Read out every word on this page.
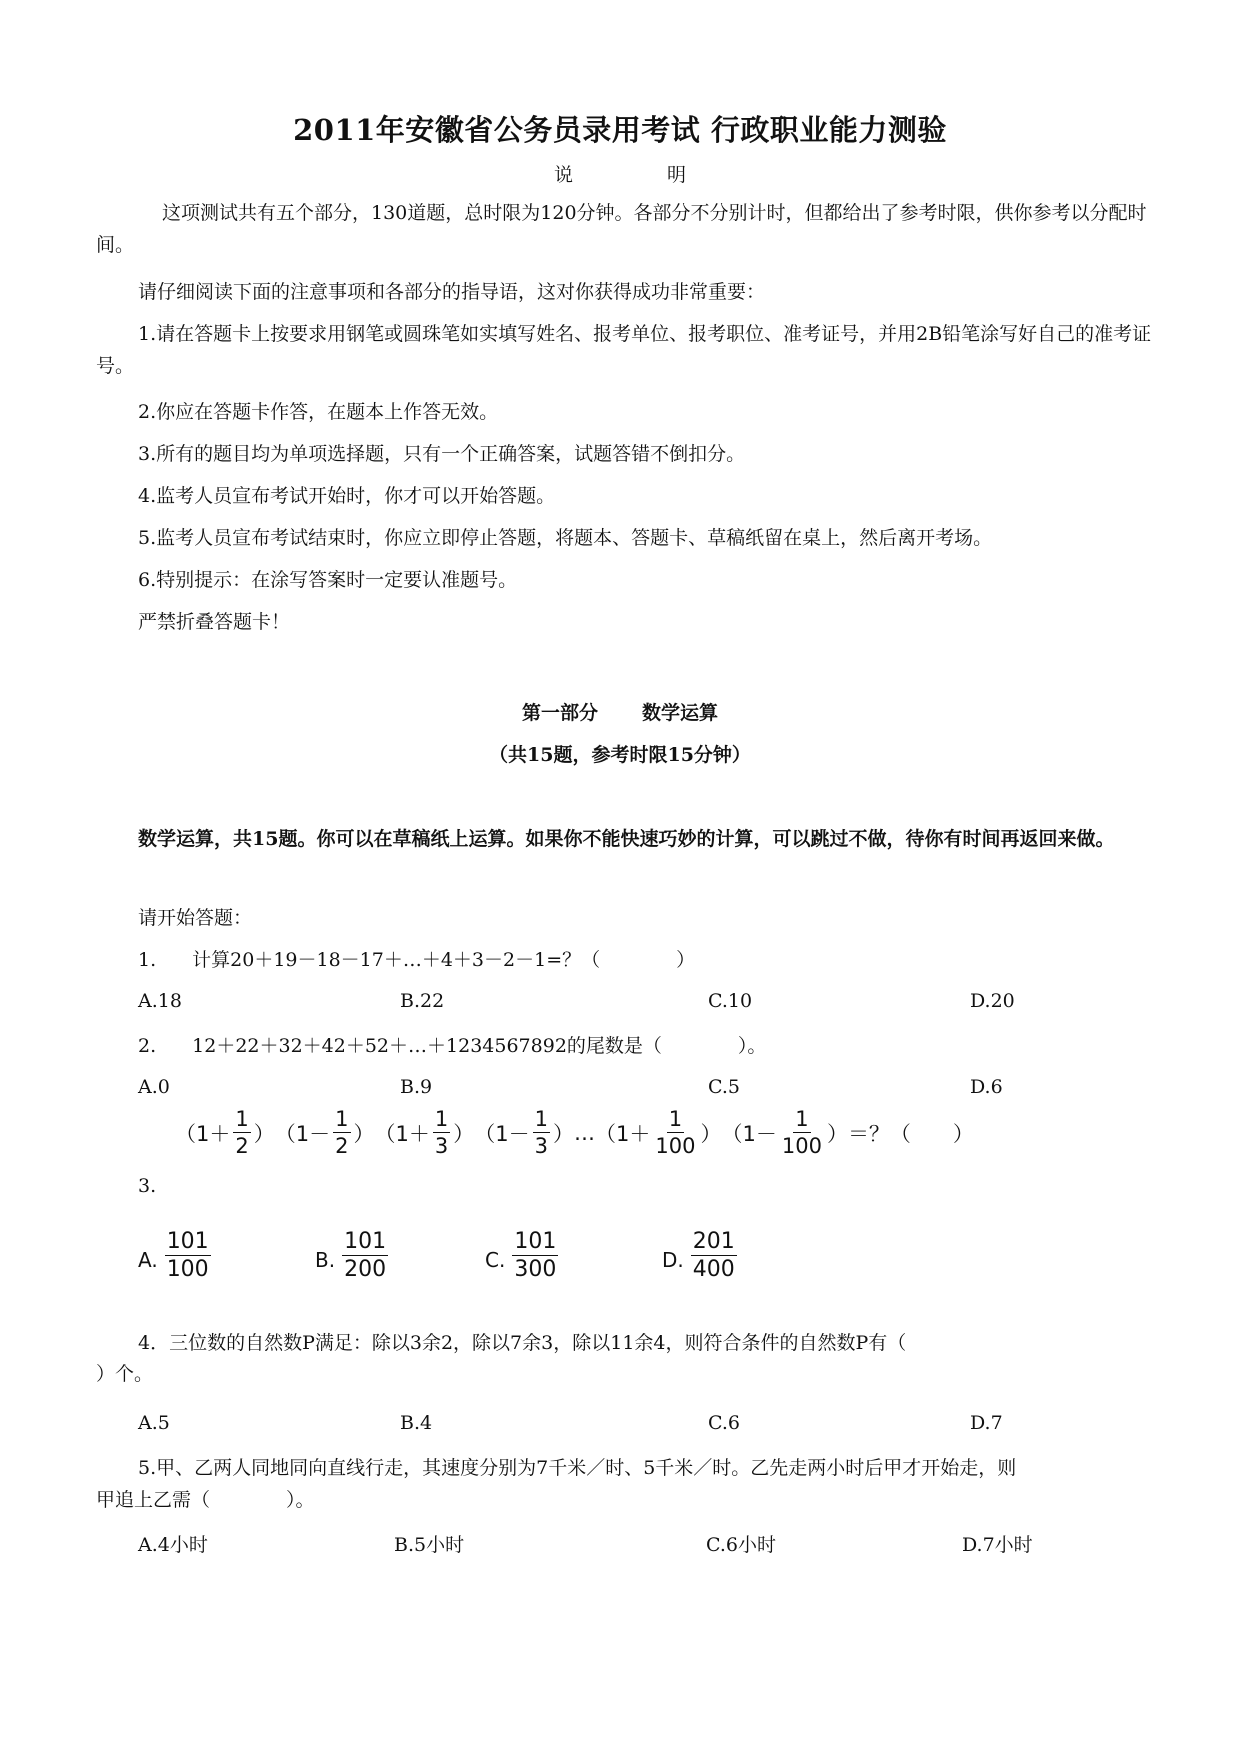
2011年安徽省公务员录用考试 行政职业能力测验
说	明
这项测试共有五个部分，130道题，总时限为120分钟。各部分不分别计时，但都给出了参考时限，供你参考以分配时间。
请仔细阅读下面的注意事项和各部分的指导语，这对你获得成功非常重要：
1.请在答题卡上按要求用钢笔或圆珠笔如实填写姓名、报考单位、报考职位、准考证号，并用2B铅笔涂写好自己的准考证号。
2.你应在答题卡作答，在题本上作答无效。
3.所有的题目均为单项选择题，只有一个正确答案，试题答错不倒扣分。
4.监考人员宣布考试开始时，你才可以开始答题。
5.监考人员宣布考试结束时，你应立即停止答题，将题本、答题卡、草稿纸留在桌上，然后离开考场。
6.特别提示：在涂写答案时一定要认准题号。
严禁折叠答题卡！
第一部分 数学运算
（共15题，参考时限15分钟）
数学运算，共15题。你可以在草稿纸上运算。如果你不能快速巧妙的计算，可以跳过不做，待你有时间再返回来做。
请开始答题：
1. 计算20＋19－18－17＋…＋4＋3－2－1=？（　　　　）
A.18	B.22	C.10	D.20
2. 12＋22＋32＋42＋52＋…＋1234567892的尾数是（　　　　）。
A.0	B.9	C.5	D.6
（$1+ \frac{1}{2}$ ） （$1- \frac{1}{2}$ ） （$1+ \frac{1}{3}$ ） （$1- \frac{1}{3}$ ） … （$1+ \frac{1}{100}$ ） （$1- \frac{1}{100}$ ） ＝？（　　）
3.
A. $\frac{101}{100}$	B. $\frac{101}{200}$	C. $\frac{101}{300}$	D. $\frac{201}{400}$
4．三位数的自然数P满足：除以3余2，除以7余3，除以11余4，则符合条件的自然数P有（
）个。
A.5	B.4	C.6	D.7
5.甲、乙两人同地同向直线行走，其速度分别为7千米／时、5千米／时。乙先走两小时后甲才开始走，则
甲追上乙需（　　　　）。
A.4小时	B.5小时	C.6小时	D.7小时
